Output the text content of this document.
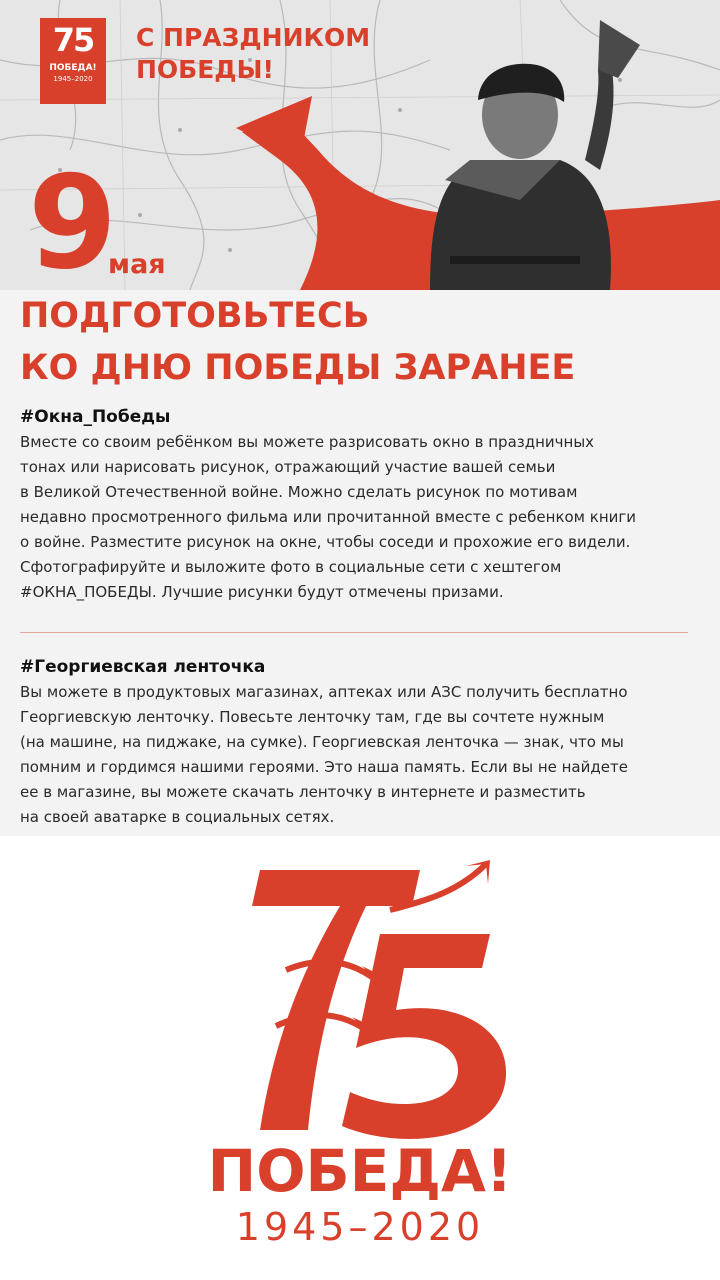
75
ПОБЕДА!
1945–2020
С ПРАЗДНИКОМ
ПОБЕДЫ!
9
мая
ПОДГОТОВЬТЕСЬ
КО ДНЮ ПОБЕДЫ ЗАРАНЕЕ
#Окна_Победы

Вместе со своим ребёнком вы можете разрисовать окно в праздничных

тонах или нарисовать рисунок, отражающий участие вашей семьи

в Великой Отечественной войне. Можно сделать рисунок по мотивам

недавно просмотренного фильма или прочитанной вместе с ребенком книги

о войне. Разместите рисунок на окне, чтобы соседи и прохожие его видели.

Сфотографируйте и выложите фото в социальные сети с хештегом

#ОКНА_ПОБЕДЫ. Лучшие рисунки будут отмечены призами.

#Георгиевская ленточка

Вы можете в продуктовых магазинах, аптеках или АЗС получить бесплатно

Георгиевскую ленточку. Повесьте ленточку там, где вы сочтете нужным

(на машине, на пиджаке, на сумке). Георгиевская ленточка — знак, что мы

помним и гордимся нашими героями. Это наша память. Если вы не найдете

ее в магазине, вы можете скачать ленточку в интернете и разместить

на своей аватарке в социальных сетях.

ПОБЕДА!
1945–2020
